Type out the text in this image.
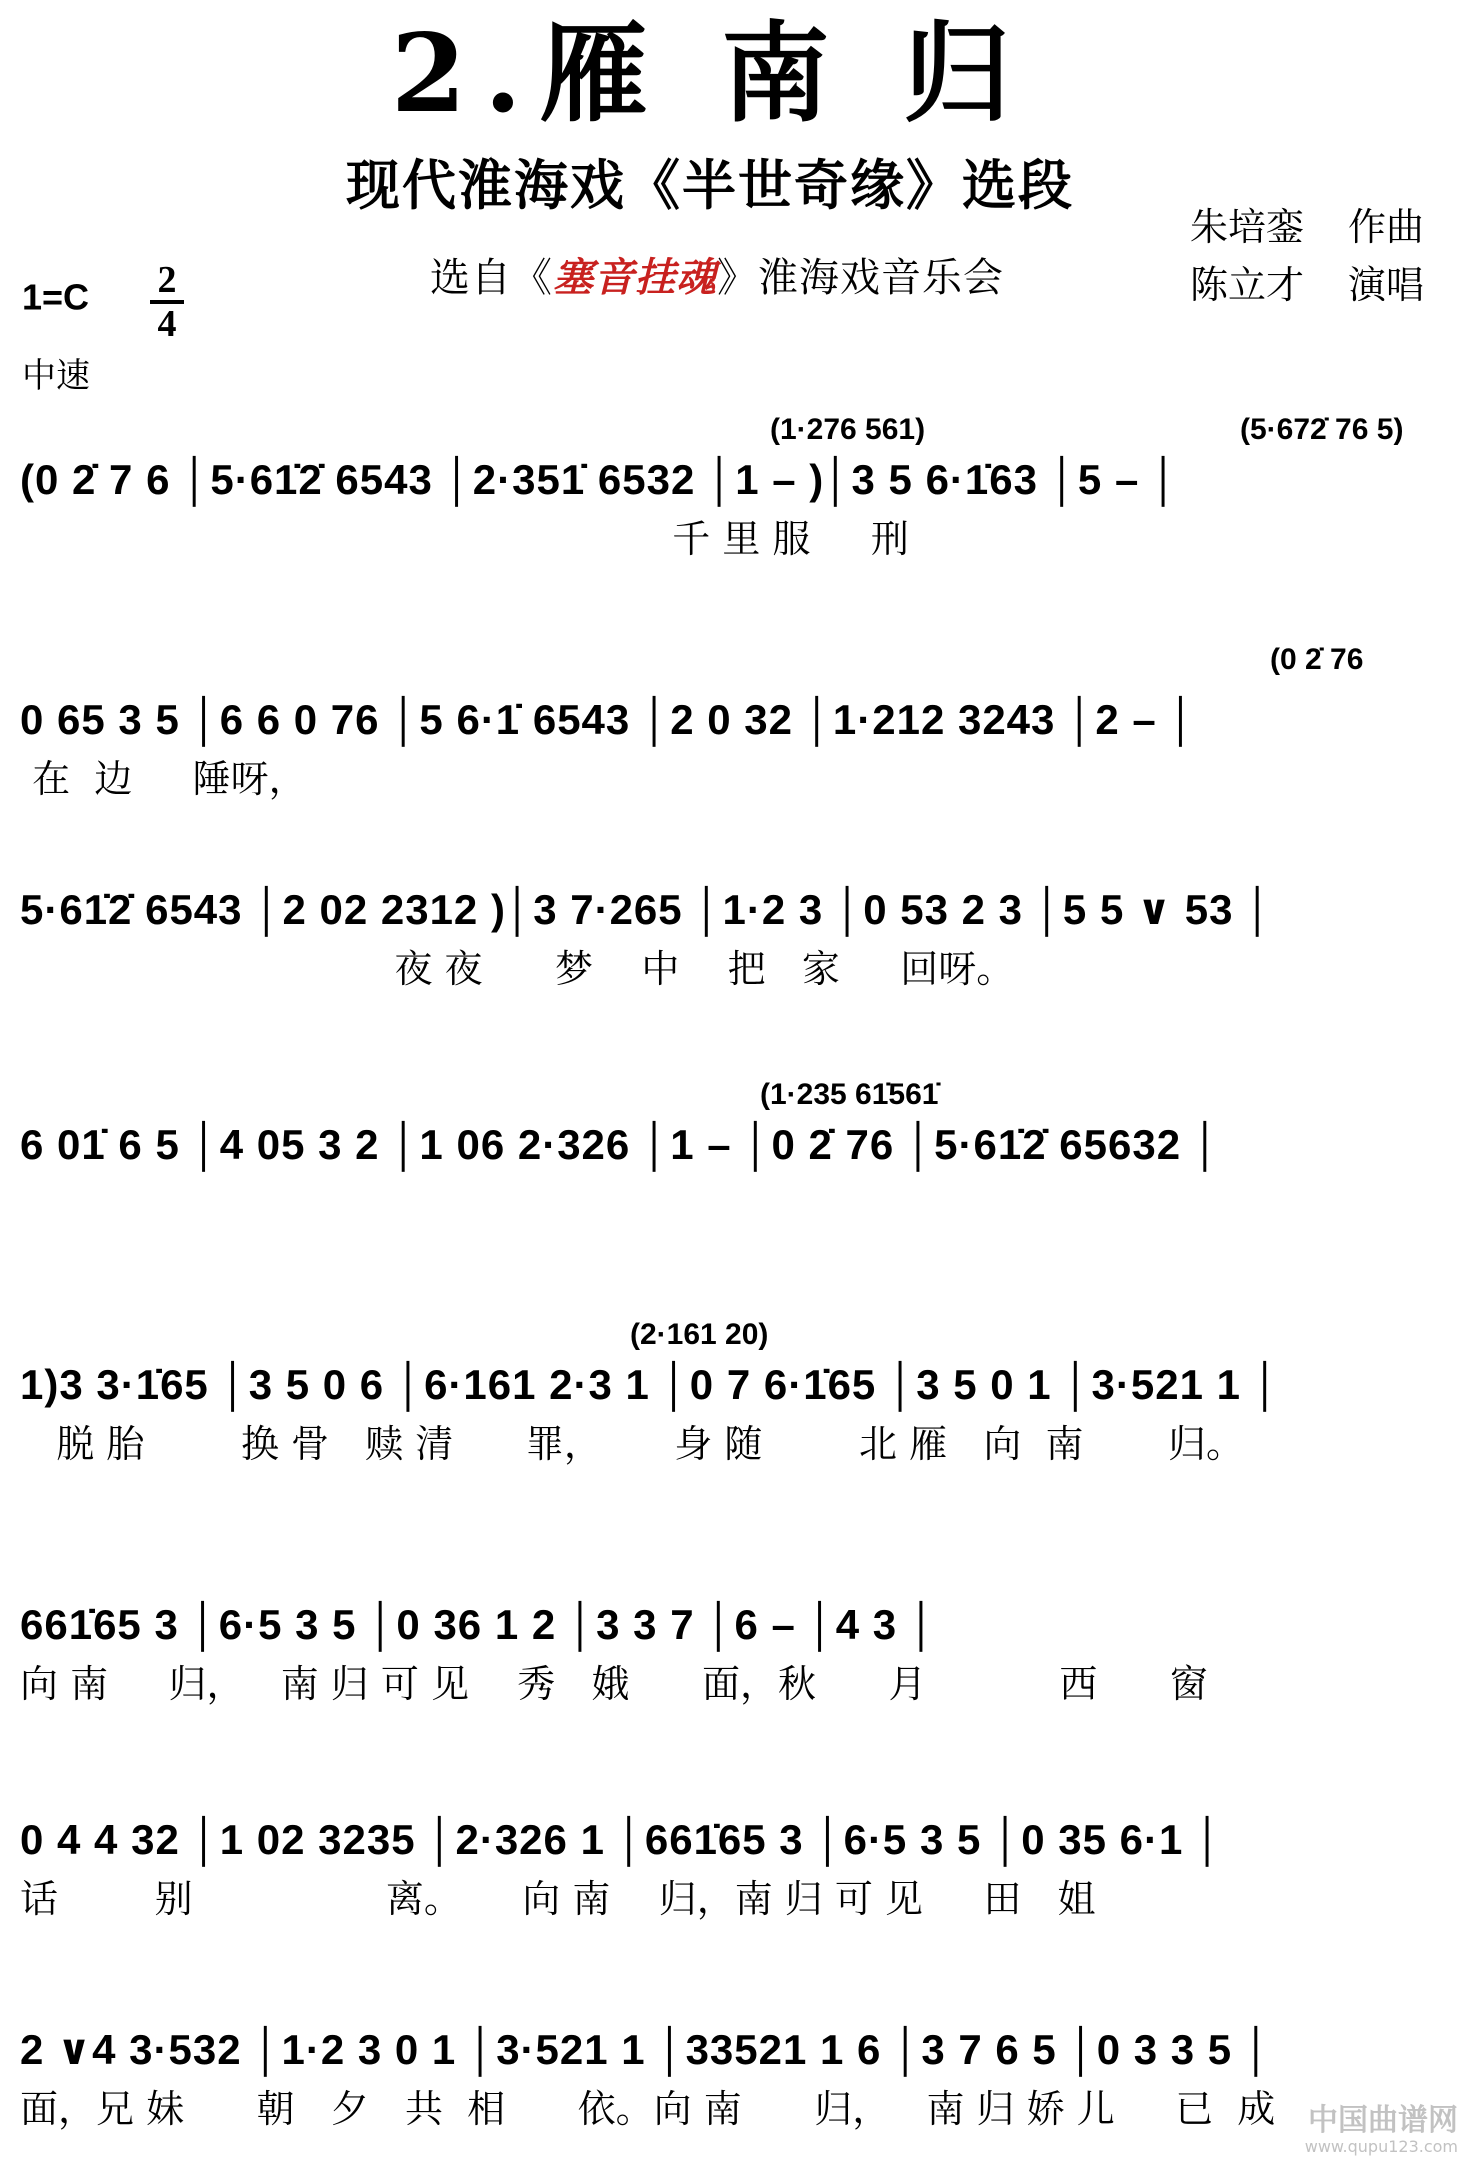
2.雁 南 归
现代淮海戏《半世奇缘》选段
选自《塞音挂魂》淮海戏音乐会
朱培銮 作曲
陈立才 演唱
$1=C \frac{2}{4}$
中速
(1·276 561)	(5·672̇ 76 5)
(0 2̇ 7 6 │5·61̇2̇ 6543 │2·351̇ 6532 │1 – )│3 5 6·1̇63 │5 – │
千 里 服     刑
(0 2̇ 76
0 65 3 5 │6 6 0 76 │5 6·1̇ 6543 │2 0 32 │1·212 3243 │2 – │
在  边     陲呀，
5·61̇2̇ 6543 │2 02 2312 )│3 7·265 │1·2 3 │0 53 2 3 │5 5 ∨ 53 │
夜 夜      梦    中    把   家     回呀。
(1·235 61̇561̇
6 01̇ 6 5 │4 05 3 2 │1 06 2·326 │1 – │0 2̇ 76 │5·61̇2̇ 65632 │
(2·161 20)
1)3 3·1̇65 │3 5 0 6 │6·161 2·3 1 │0 7 6·1̇65 │3 5 0 1 │3·521 1 │
脱 胎        换 骨   赎 清      罪，      身 随        北 雁   向  南       归。
661̇65 3 │6·5 3 5 │0 36 1 2 │3 3 7 │6 – │4 3 │
向 南     归，   南 归 可 见    秀   娥      面，秋      月           西      窗
0 4 4 32 │1 02 3235 │2·326 1 │661̇65 3 │6·5 3 5 │0 35 6·1 │
话        别                离。     向 南    归，南 归 可 见     田   姐
2 ∨4 3·532 │1·2 3 0 1 │3·521 1 │33521 1 6 │3 7 6 5 │0 3 3 5 │
面，兄 妹      朝   夕   共  相      依。向 南      归，   南 归 娇 儿     已  成 中国曲谱网
www.qupu123.com
